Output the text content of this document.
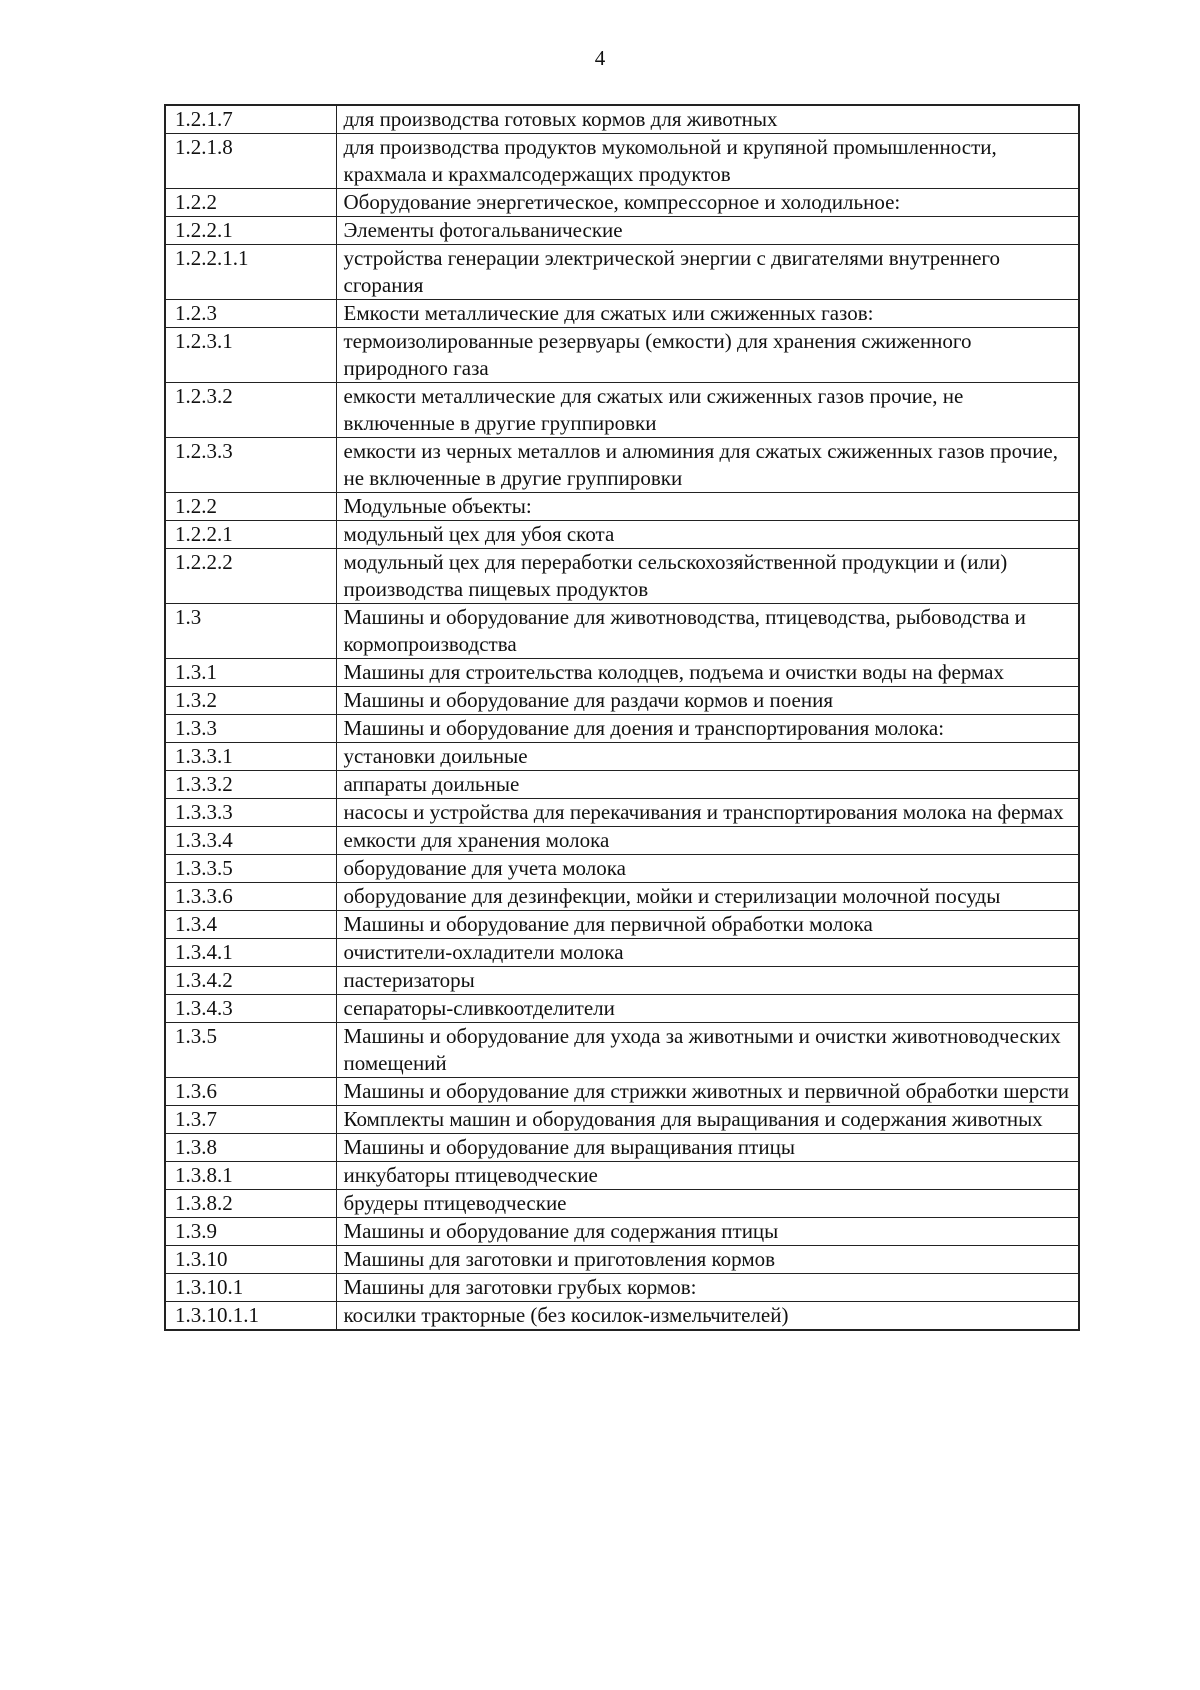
4
1.2.1.7	для производства готовых кормов для животных
1.2.1.8	для производства продуктов мукомольной и крупяной промышленности, крахмала и крахмалсодержащих продуктов
1.2.2	Оборудование энергетическое, компрессорное и холодильное:
1.2.2.1	Элементы фотогальванические
1.2.2.1.1	устройства генерации электрической энергии с двигателями внутреннего сгорания
1.2.3	Емкости металлические для сжатых или сжиженных газов:
1.2.3.1	термоизолированные резервуары (емкости) для хранения сжиженного природного газа
1.2.3.2	емкости металлические для сжатых или сжиженных газов прочие, не включенные в другие группировки
1.2.3.3	емкости из черных металлов и алюминия для сжатых сжиженных газов прочие, не включенные в другие группировки
1.2.2	Модульные объекты:
1.2.2.1	модульный цех для убоя скота
1.2.2.2	модульный цех для переработки сельскохозяйственной продукции и (или) производства пищевых продуктов
1.3	Машины и оборудование для животноводства, птицеводства, рыбоводства и кормопроизводства
1.3.1	Машины для строительства колодцев, подъема и очистки воды на фермах
1.3.2	Машины и оборудование для раздачи кормов и поения
1.3.3	Машины и оборудование для доения и транспортирования молока:
1.3.3.1	установки доильные
1.3.3.2	аппараты доильные
1.3.3.3	насосы и устройства для перекачивания и транспортирования молока на фермах
1.3.3.4	емкости для хранения молока
1.3.3.5	оборудование для учета молока
1.3.3.6	оборудование для дезинфекции, мойки и стерилизации молочной посуды
1.3.4	Машины и оборудование для первичной обработки молока
1.3.4.1	очистители-охладители молока
1.3.4.2	пастеризаторы
1.3.4.3	сепараторы-сливкоотделители
1.3.5	Машины и оборудование для ухода за животными и очистки животноводческих помещений
1.3.6	Машины и оборудование для стрижки животных и первичной обработки шерсти
1.3.7	Комплекты машин и оборудования для выращивания и содержания животных
1.3.8	Машины и оборудование для выращивания птицы
1.3.8.1	инкубаторы птицеводческие
1.3.8.2	брудеры птицеводческие
1.3.9	Машины и оборудование для содержания птицы
1.3.10	Машины для заготовки и приготовления кормов
1.3.10.1	Машины для заготовки грубых кормов:
1.3.10.1.1	косилки тракторные (без косилок-измельчителей)
